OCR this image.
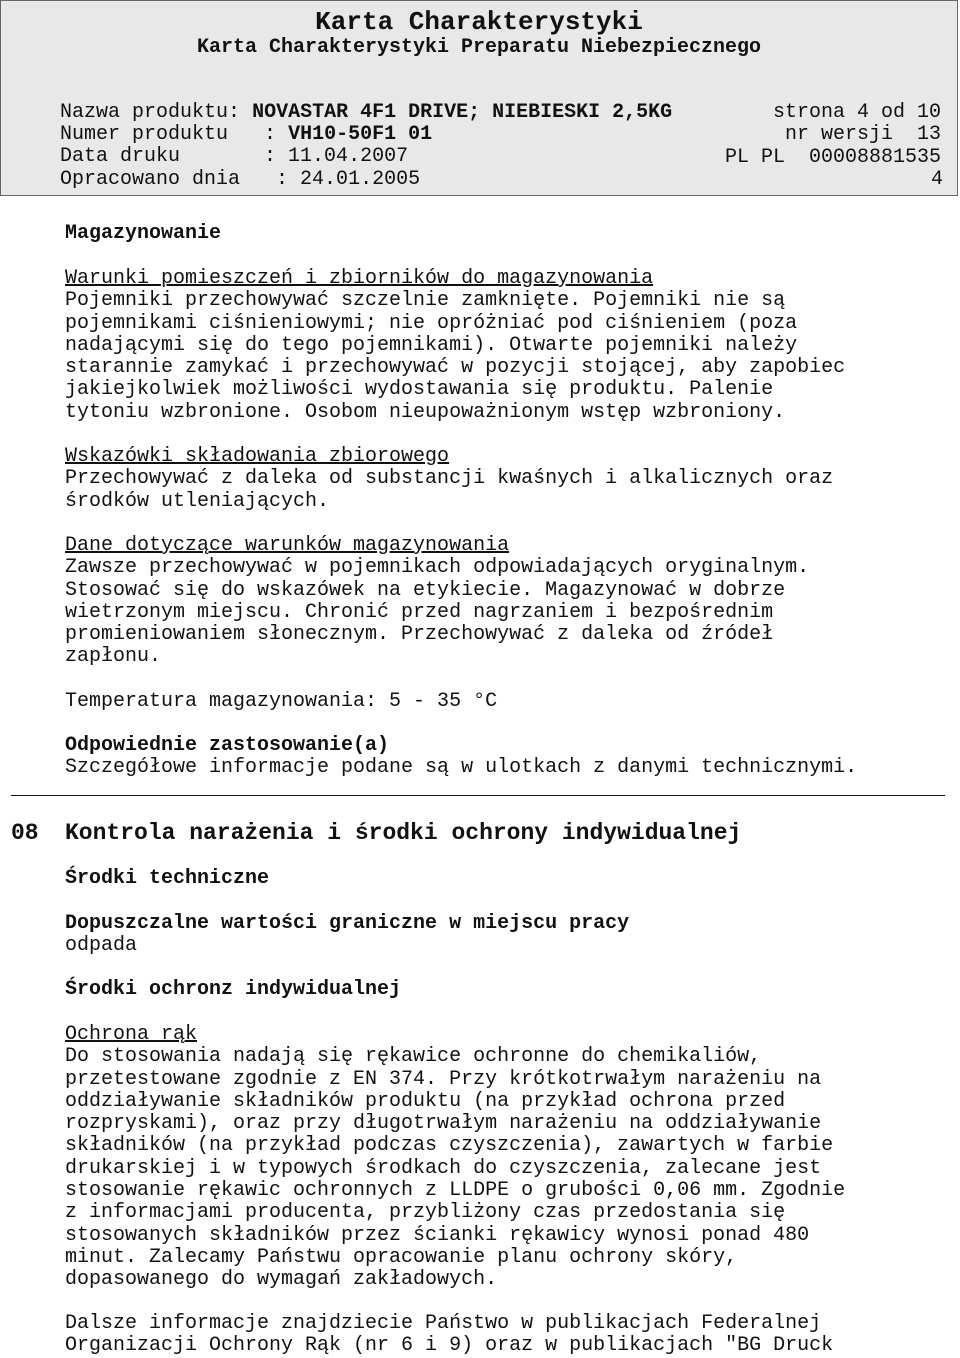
Karta Charakterystyki
Karta Charakterystyki Preparatu Niebezpiecznego

Nazwa produktu: NOVASTAR 4F1 DRIVE; NIEBIESKI 2,5KG

Numer produktu   : VH10-50F1 01

strona 4 od 10

Data druku       : 11.04.2007

nr wersji  13

Opracowano dnia   : 24.01.2005

PL PL  00008881535

4
Magazynowanie
Warunki pomieszczeń i zbiorników do magazynowania
Pojemniki przechowywać szczelnie zamknięte. Pojemniki nie są
pojemnikami ciśnieniowymi; nie opróżniać pod ciśnieniem (poza
nadającymi się do tego pojemnikami). Otwarte pojemniki należy
starannie zamykać i przechowywać w pozycji stojącej, aby zapobiec
jakiejkolwiek możliwości wydostawania się produktu. Palenie
tytoniu wzbronione. Osobom nieupoważnionym wstęp wzbroniony.
Wskazówki składowania zbiorowego
Przechowywać z daleka od substancji kwaśnych i alkalicznych oraz
środków utleniających.
Dane dotyczące warunków magazynowania
Zawsze przechowywać w pojemnikach odpowiadających oryginalnym.
Stosować się do wskazówek na etykiecie. Magazynować w dobrze
wietrzonym miejscu. Chronić przed nagrzaniem i bezpośrednim
promieniowaniem słonecznym. Przechowywać z daleka od źródeł
zapłonu.
Temperatura magazynowania: 5 - 35 °C
Odpowiednie zastosowanie(a)
Szczegółowe informacje podane są w ulotkach z danymi technicznymi.
08 Kontrola narażenia i środki ochrony indywidualnej
Środki techniczne
Dopuszczalne wartości graniczne w miejscu pracy
odpada
Środki ochronz indywidualnej
Ochrona rąk
Do stosowania nadają się rękawice ochronne do chemikaliów,
przetestowane zgodnie z EN 374. Przy krótkotrwałym narażeniu na
oddziaływanie składników produktu (na przykład ochrona przed
rozpryskami), oraz przy długotrwałym narażeniu na oddziaływanie
składników (na przykład podczas czyszczenia), zawartych w farbie
drukarskiej i w typowych środkach do czyszczenia, zalecane jest
stosowanie rękawic ochronnych z LLDPE o grubości 0,06 mm. Zgodnie
z informacjami producenta, przybliżony czas przedostania się
stosowanych składników przez ścianki rękawicy wynosi ponad 480
minut. Zalecamy Państwu opracowanie planu ochrony skóry,
dopasowanego do wymagań zakładowych.
Dalsze informacje znajdziecie Państwo w publikacjach Federalnej
Organizacji Ochrony Rąk (nr 6 i 9) oraz w publikacjach "BG Druck
